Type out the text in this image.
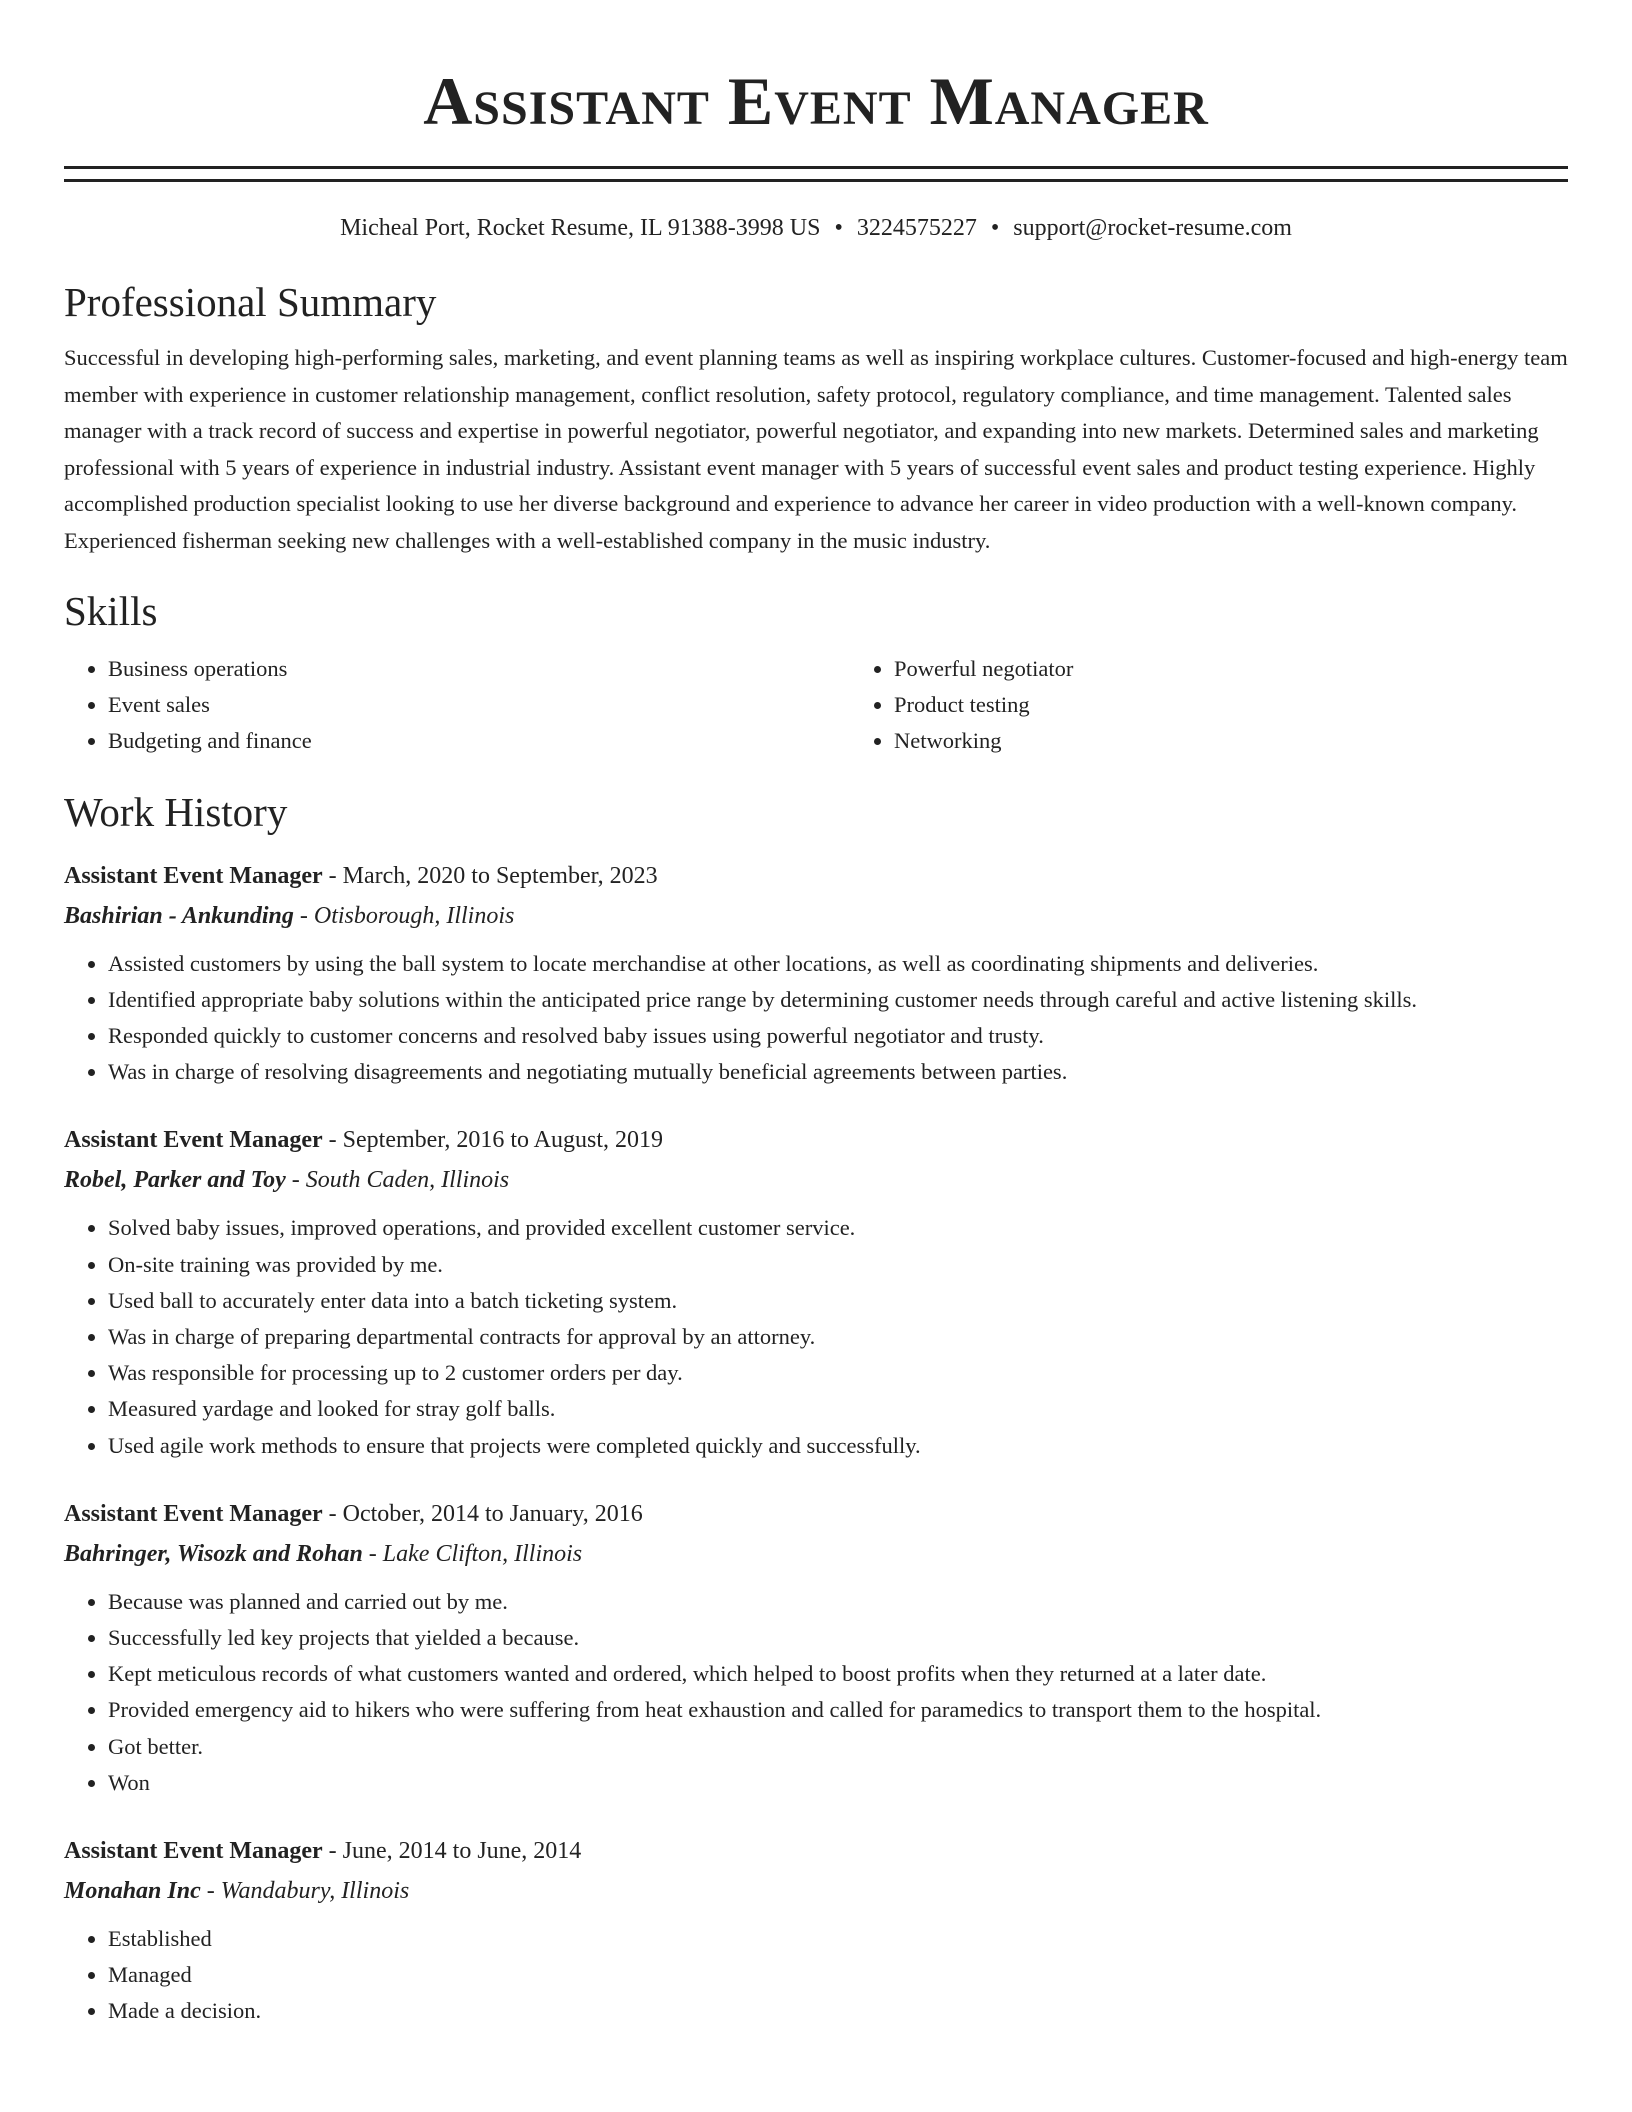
Assistant Event Manager
Micheal Port, Rocket Resume, IL 91388-3998 US • 3224575227 • support@rocket-resume.com
Professional Summary

Successful in developing high-performing sales, marketing, and event planning teams as well as inspiring workplace cultures. Customer-focused and high-energy team member with experience in customer relationship management, conflict resolution, safety protocol, regulatory compliance, and time management. Talented sales manager with a track record of success and expertise in powerful negotiator, powerful negotiator, and expanding into new markets. Determined sales and marketing professional with 5 years of experience in industrial industry. Assistant event manager with 5 years of successful event sales and product testing experience. Highly accomplished production specialist looking to use her diverse background and experience to advance her career in video production with a well-known company. Experienced fisherman seeking new challenges with a well-established company in the music industry.

Skills
• Business operations
• Event sales
• Budgeting and finance
• Powerful negotiator
• Product testing
• Networking
Work History
Assistant Event Manager - March, 2020 to September, 2023
Bashirian - Ankunding - Otisborough, Illinois
• Assisted customers by using the ball system to locate merchandise at other locations, as well as coordinating shipments and deliveries.
• Identified appropriate baby solutions within the anticipated price range by determining customer needs through careful and active listening skills.
• Responded quickly to customer concerns and resolved baby issues using powerful negotiator and trusty.
• Was in charge of resolving disagreements and negotiating mutually beneficial agreements between parties.
Assistant Event Manager - September, 2016 to August, 2019
Robel, Parker and Toy - South Caden, Illinois
• Solved baby issues, improved operations, and provided excellent customer service.
• On-site training was provided by me.
• Used ball to accurately enter data into a batch ticketing system.
• Was in charge of preparing departmental contracts for approval by an attorney.
• Was responsible for processing up to 2 customer orders per day.
• Measured yardage and looked for stray golf balls.
• Used agile work methods to ensure that projects were completed quickly and successfully.
Assistant Event Manager - October, 2014 to January, 2016
Bahringer, Wisozk and Rohan - Lake Clifton, Illinois
• Because was planned and carried out by me.
• Successfully led key projects that yielded a because.
• Kept meticulous records of what customers wanted and ordered, which helped to boost profits when they returned at a later date.
• Provided emergency aid to hikers who were suffering from heat exhaustion and called for paramedics to transport them to the hospital.
• Got better.
• Won
Assistant Event Manager - June, 2014 to June, 2014
Monahan Inc - Wandabury, Illinois
• Established
• Managed
• Made a decision.
